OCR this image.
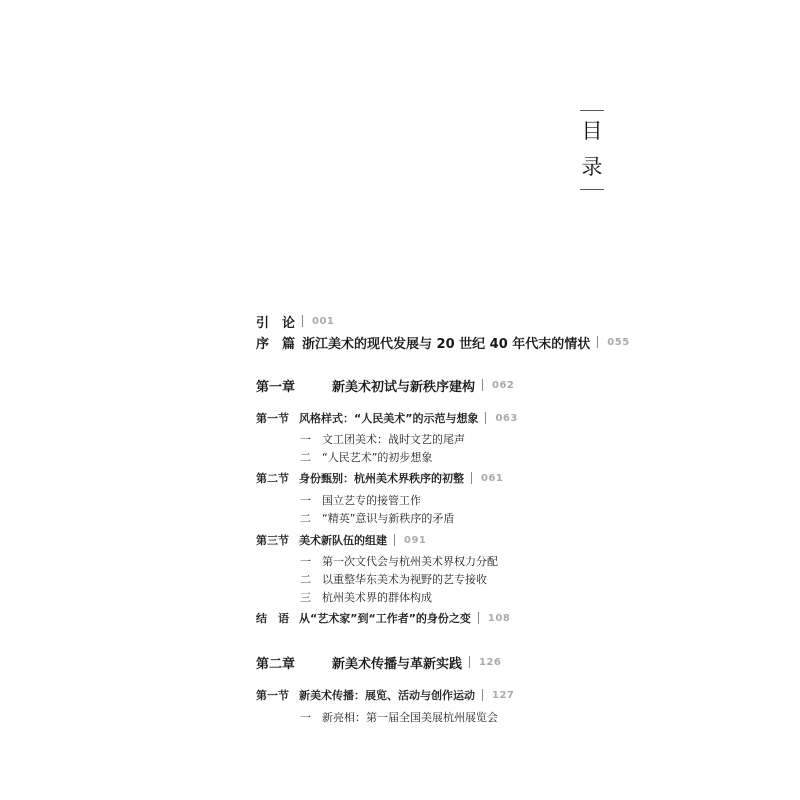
目
录
引　论 001
序　篇 浙江美术的现代发展与 20 世纪 40 年代末的情状 055
第一章	新美术初试与新秩序建构 062
第一节 风格样式：“人民美术”的示范与想象 063
一	文工团美术：战时文艺的尾声
二	“人民艺术”的初步想象
第二节 身份甄别：杭州美术界秩序的初整 061
一	国立艺专的接管工作
二	“精英”意识与新秩序的矛盾
第三节 美术新队伍的组建 091
一	第一次文代会与杭州美术界权力分配
二	以重整华东美术为视野的艺专接收
三	杭州美术界的群体构成
结　语 从“艺术家”到“工作者”的身份之变 108
第二章	新美术传播与革新实践 126
第一节 新美术传播：展览、活动与创作运动 127
一	新亮相：第一届全国美展杭州展览会
